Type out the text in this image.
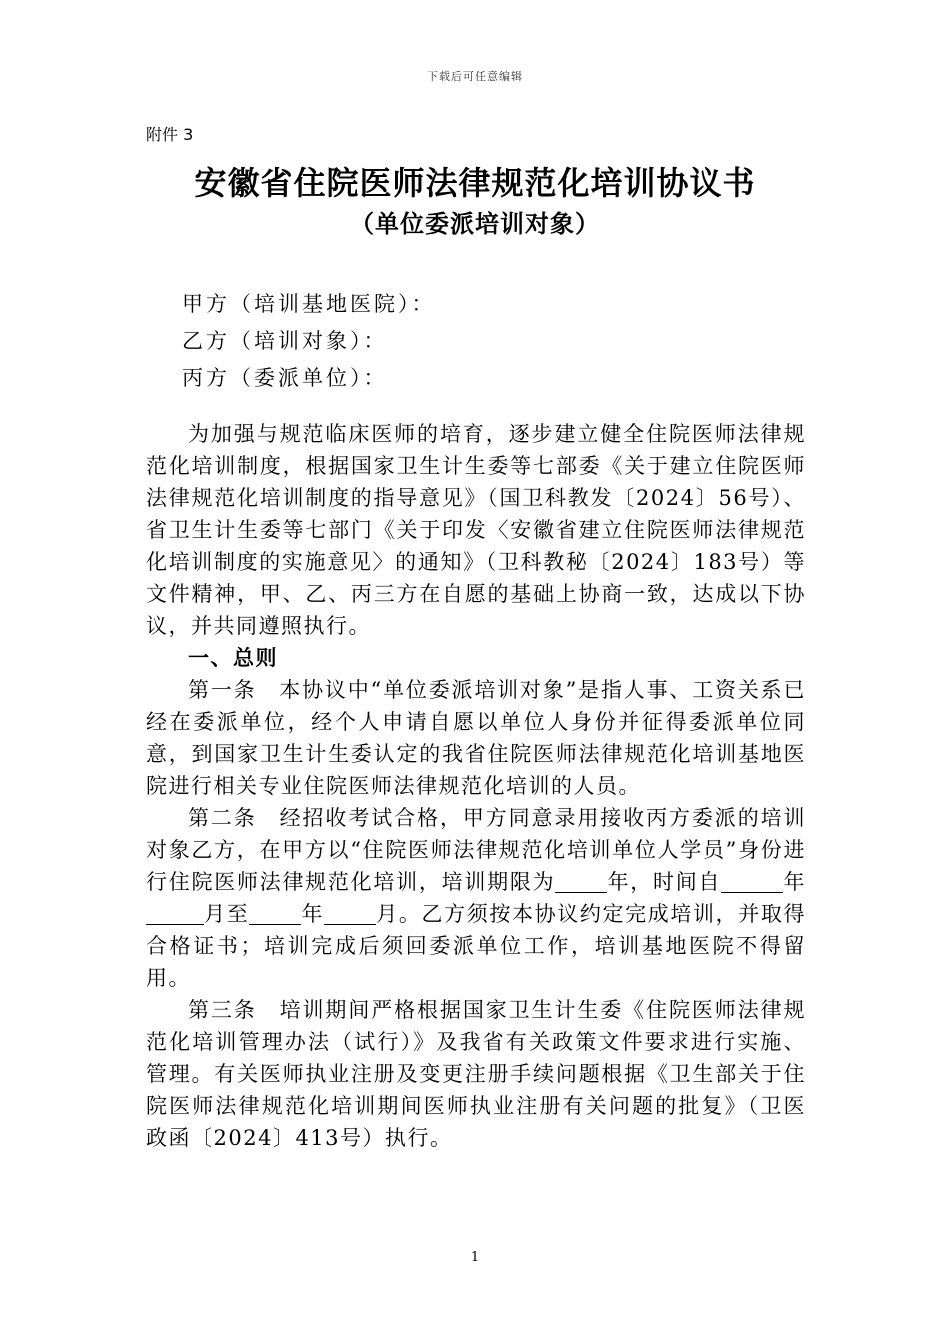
下载后可任意编辑
附件 3
安徽省住院医师法律规范化培训协议书
（单位委派培训对象）
甲方（培训基地医院）：
乙方（培训对象）：
丙方（委派单位）：

为加强与规范临床医师的培育，逐步建立健全住院医师法律规范化培训制度，根据国家卫生计生委等七部委《关于建立住院医师法律规范化培训制度的指导意见》（国卫科教发〔2024〕56号）、省卫生计生委等七部门《关于印发〈安徽省建立住院医师法律规范化培训制度的实施意见〉的通知》（卫科教秘〔2024〕183号）等文件精神，甲、乙、丙三方在自愿的基础上协商一致，达成以下协议，并共同遵照执行。

一、总则

第一条　本协议中“单位委派培训对象”是指人事、工资关系已经在委派单位，经个人申请自愿以单位人身份并征得委派单位同意，到国家卫生计生委认定的我省住院医师法律规范化培训基地医院进行相关专业住院医师法律规范化培训的人员。

第二条　经招收考试合格，甲方同意录用接收丙方委派的培训对象乙方，在甲方以“住院医师法律规范化培训单位人学员”身份进行住院医师法律规范化培训，培训期限为 年，时间自	年月至 年 月。乙方须按本协议约定完成培训，并取得合格证书；培训完成后须回委派单位工作，培训基地医院不得留用。

第三条　培训期间严格根据国家卫生计生委《住院医师法律规范化培训管理办法（试行）》及我省有关政策文件要求进行实施、管理。有关医师执业注册及变更注册手续问题根据《卫生部关于住院医师法律规范化培训期间医师执业注册有关问题的批复》（卫医政函〔2024〕413号）执行。

1
